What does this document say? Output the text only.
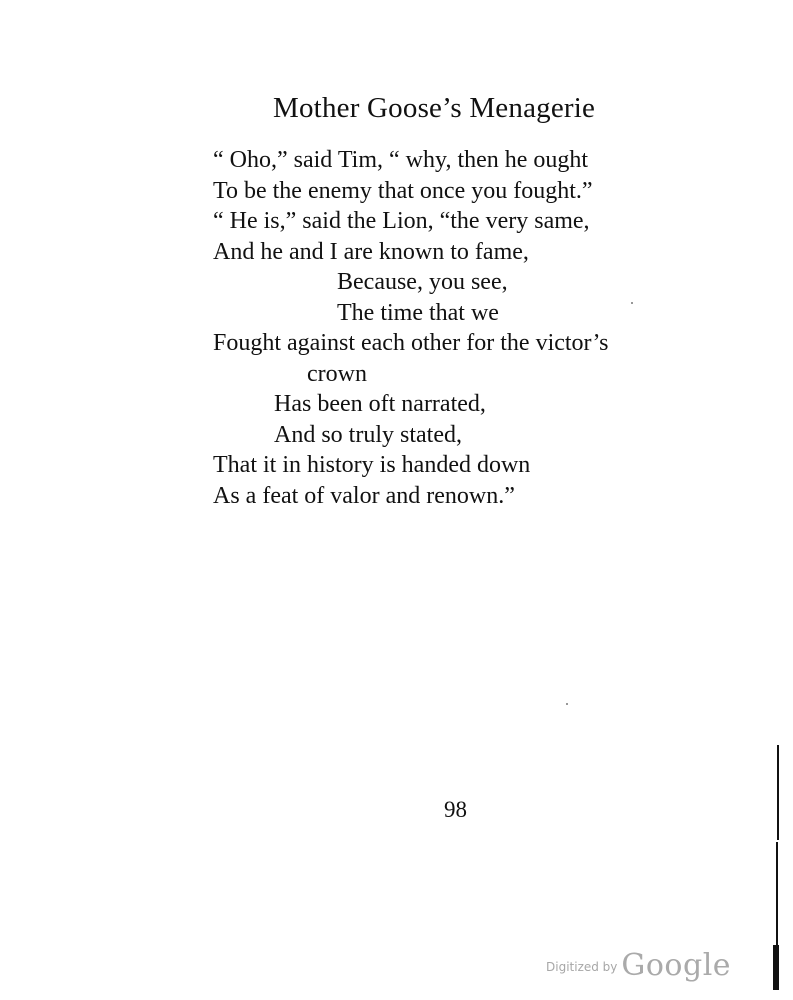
Mother Goose’s Menagerie
“ Oho,” said Tim, “ why, then he ought
To be the enemy that once you fought.”
“ He is,” said the Lion, “the very same,
And he and I are known to fame,
Because, you see,
The time that we
Fought against each other for the victor’s
crown
Has been oft narrated,
And so truly stated,
That it in history is handed down
As a feat of valor and renown.”
98
$^{Digitized by}$ Google
